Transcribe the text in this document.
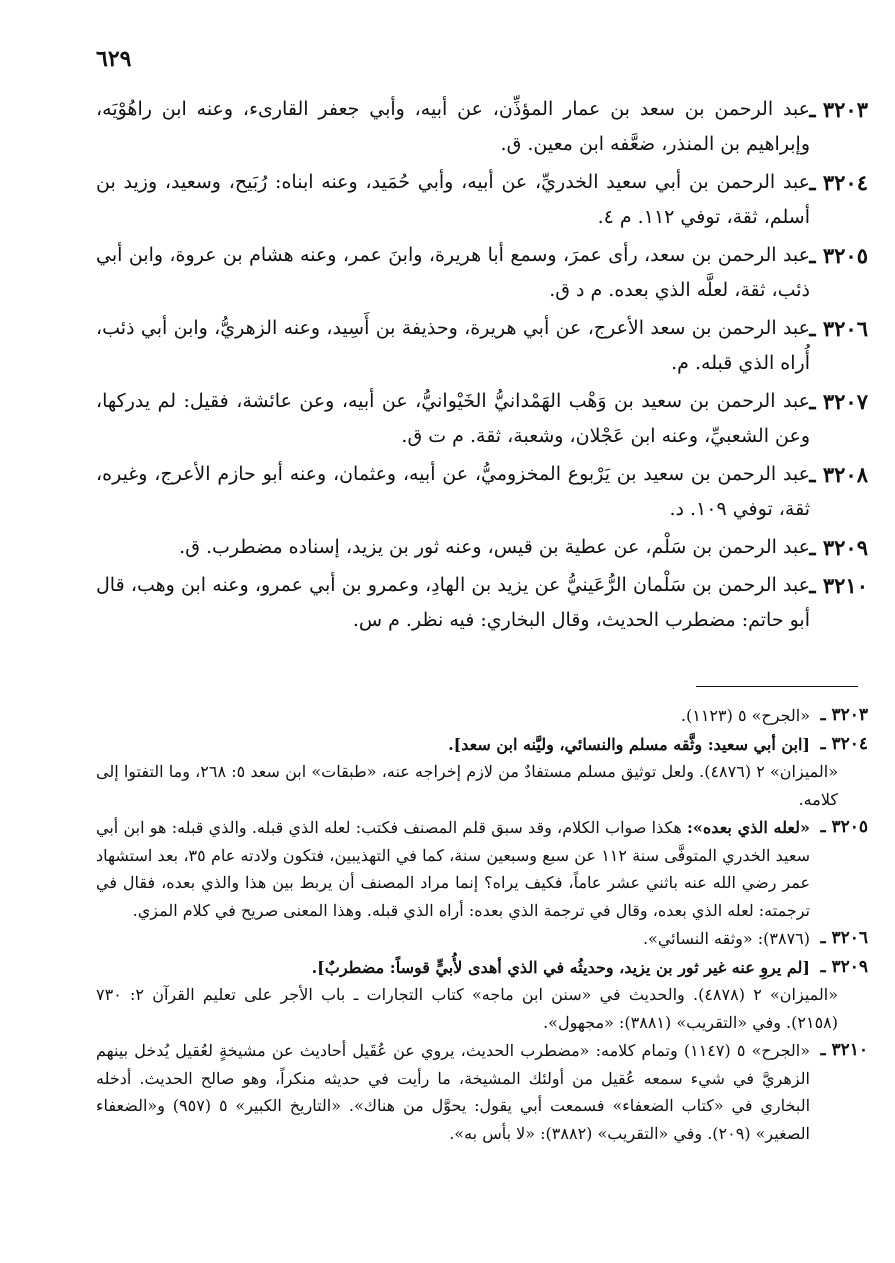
٦٢٩

٣٢٠٣ ـ
عبد الرحمن بن سعد بن عمار المؤذِّن، عن أبيه، وأبي جعفر القارىء، وعنه ابن راهُوْيَه، وإبراهيم بن المنذر، ضعَّفه ابن معين. ق.

٣٢٠٤ ـ
عبد الرحمن بن أبي سعيد الخدريِّ، عن أبيه، وأبي حُمَيد، وعنه ابناه: رُبَيح، وسعيد، وزيد بن أسلم، ثقة، توفي ١١٢. م ٤.

٣٢٠٥ ـ
عبد الرحمن بن سعد، رأى عمرَ، وسمع أبا هريرة، وابنَ عمر، وعنه هشام بن عروة، وابن أبي ذئب، ثقة، لعلَّه الذي بعده. م د ق.

٣٢٠٦ ـ
عبد الرحمن بن سعد الأعرج، عن أبي هريرة، وحذيفة بن أَسِيد، وعنه الزهريُّ، وابن أبي ذئب، أُراه الذي قبله. م.

٣٢٠٧ ـ
عبد الرحمن بن سعيد بن وَهْب الهَمْدانيُّ الخَيْوانيُّ، عن أبيه، وعن عائشة، فقيل: لم يدركها، وعن الشعبيِّ، وعنه ابن عَجْلان، وشعبة، ثقة. م ت ق.

٣٢٠٨ ـ
عبد الرحمن بن سعيد بن يَرْبوع المخزوميُّ، عن أبيه، وعثمان، وعنه أبو حازم الأعرج، وغيره، ثقة، توفي ١٠٩. د.

٣٢٠٩ ـ
عبد الرحمن بن سَلْم، عن عطية بن قيس، وعنه ثور بن يزيد، إسناده مضطرب. ق.

٣٢١٠ ـ
عبد الرحمن بن سَلْمان الرُّعَينيُّ عن يزيد بن الهادِ، وعمرو بن أبي عمرو، وعنه ابن وهب، قال أبو حاتم: مضطرب الحديث، وقال البخاري: فيه نظر. م س.

٣٢٠٣ ـ
«الجرح» ٥ (١١٢٣).

٣٢٠٤ ـ
[ابن أبي سعيد: وثَّقه مسلم والنسائي، وليَّنه ابن سعد].
«الميزان» ٢ (٤٨٧٦). ولعل توثيق مسلم مستفادٌ من لازم إخراجه عنه، «طبقات» ابن سعد ٥: ٢٦٨، وما التفتوا إلى كلامه.

٣٢٠٥ ـ
«لعله الذي بعده»: هكذا صواب الكلام، وقد سبق قلم المصنف فكتب: لعله الذي قبله. والذي قبله: هو ابن أبي سعيد الخدري المتوفَّى سنة ١١٢ عن سبع وسبعين سنة، كما في التهذيبين، فتكون ولادته عام ٣٥، بعد استشهاد عمر رضي الله عنه باثني عشر عاماً، فكيف يراه؟ إنما مراد المصنف أن يربط بين هذا والذي بعده، فقال في ترجمته: لعله الذي بعده، وقال في ترجمة الذي بعده: أراه الذي قبله. وهذا المعنى صريح في كلام المزي.

٣٢٠٦ ـ
(٣٨٧٦): «وثقه النسائي».

٣٢٠٩ ـ
[لم يروِ عنه غير ثور بن يزيد، وحديثُه في الذي أهدى لأُبيٍّ قوساً: مضطربٌ].
«الميزان» ٢ (٤٨٧٨). والحديث في «سنن ابن ماجه» كتاب التجارات ـ باب الأجر على تعليم القرآن ٢: ٧٣٠ (٢١٥٨). وفي «التقريب» (٣٨٨١): «مجهول».

٣٢١٠ ـ
«الجرح» ٥ (١١٤٧) وتمام كلامه: «مضطرب الحديث، يروي عن عُقَيل أحاديث عن مشيخةٍ لعُقيل يُدخل بينهم الزهريَّ في شيء سمعه عُقيل من أولئك المشيخة، ما رأيت في حديثه منكراً، وهو صالح الحديث. أدخله البخاري في «كتاب الضعفاء» فسمعت أبي يقول: يحوَّل من هناك». «التاريخ الكبير» ٥ (٩٥٧) و«الضعفاء الصغير» (٢٠٩). وفي «التقريب» (٣٨٨٢): «لا بأس به».
